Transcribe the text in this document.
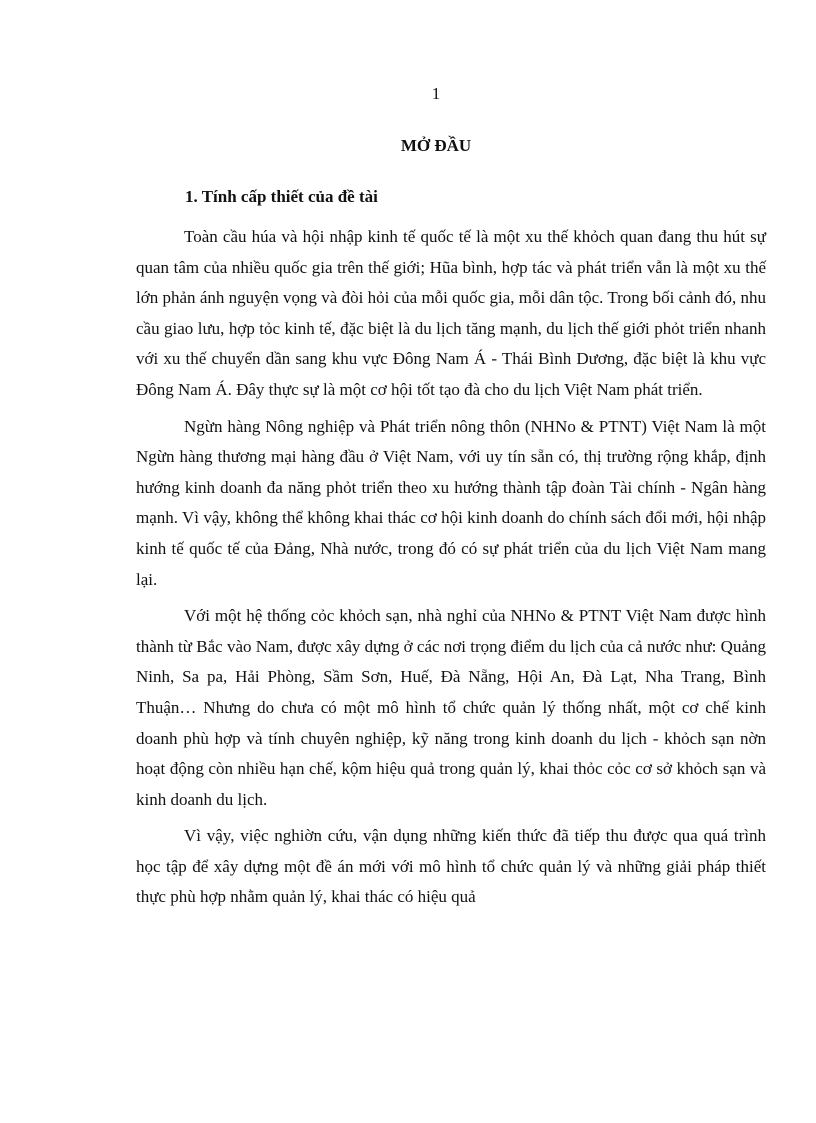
1
MỞ ĐẦU
1. Tính cấp thiết của đề tài

Toàn cầu húa và hội nhập kinh tế quốc tế là một xu thế khỏch quan đang thu hút sự quan tâm của nhiều quốc gia trên thế giới; Hũa bình, hợp tác và phát triển vẫn là một xu thế lớn phản ánh nguyện vọng và đòi hỏi của mỗi quốc gia, mỗi dân tộc. Trong bối cảnh đó, nhu cầu giao lưu, hợp tỏc kinh tế, đặc biệt là du lịch tăng mạnh, du lịch thế giới phỏt triển nhanh với xu thế chuyển dần sang khu vực Đông Nam Á - Thái Bình Dương, đặc biệt là khu vực Đông Nam Á. Đây thực sự là một cơ hội tốt tạo đà cho du lịch Việt Nam phát triển.

Ngừn hàng Nông nghiệp và Phát triển nông thôn (NHNo & PTNT) Việt Nam là một Ngừn hàng thương mại hàng đầu ở Việt Nam, với uy tín sẵn có, thị trường rộng khắp, định hướng kinh doanh đa năng phỏt triển theo xu hướng thành tập đoàn Tài chính - Ngân hàng mạnh. Vì vậy, không thể không khai thác cơ hội kinh doanh do chính sách đổi mới, hội nhập kinh tế quốc tế của Đảng, Nhà nước, trong đó có sự phát triển của du lịch Việt Nam mang lại.

Với một hệ thống cỏc khỏch sạn, nhà nghỉ của NHNo & PTNT Việt Nam được hình thành từ Bắc vào Nam, được xây dựng ở các nơi trọng điểm du lịch của cả nước như: Quảng Ninh, Sa pa, Hải Phòng, Sầm Sơn, Huế, Đà Nẵng, Hội An, Đà Lạt, Nha Trang, Bình Thuận… Nhưng do chưa có một mô hình tổ chức quản lý thống nhất, một cơ chế kinh doanh phù hợp và tính chuyên nghiệp, kỹ năng trong kinh doanh du lịch - khỏch sạn nờn hoạt động còn nhiều hạn chế, kộm hiệu quả trong quản lý, khai thỏc cỏc cơ sở khỏch sạn và kinh doanh du lịch.

Vì vậy, việc nghiờn cứu, vận dụng những kiến thức đã tiếp thu được qua quá trình học tập để xây dựng một đề án mới với mô hình tổ chức quản lý và những giải pháp thiết thực phù hợp nhằm quản lý, khai thác có hiệu quả
